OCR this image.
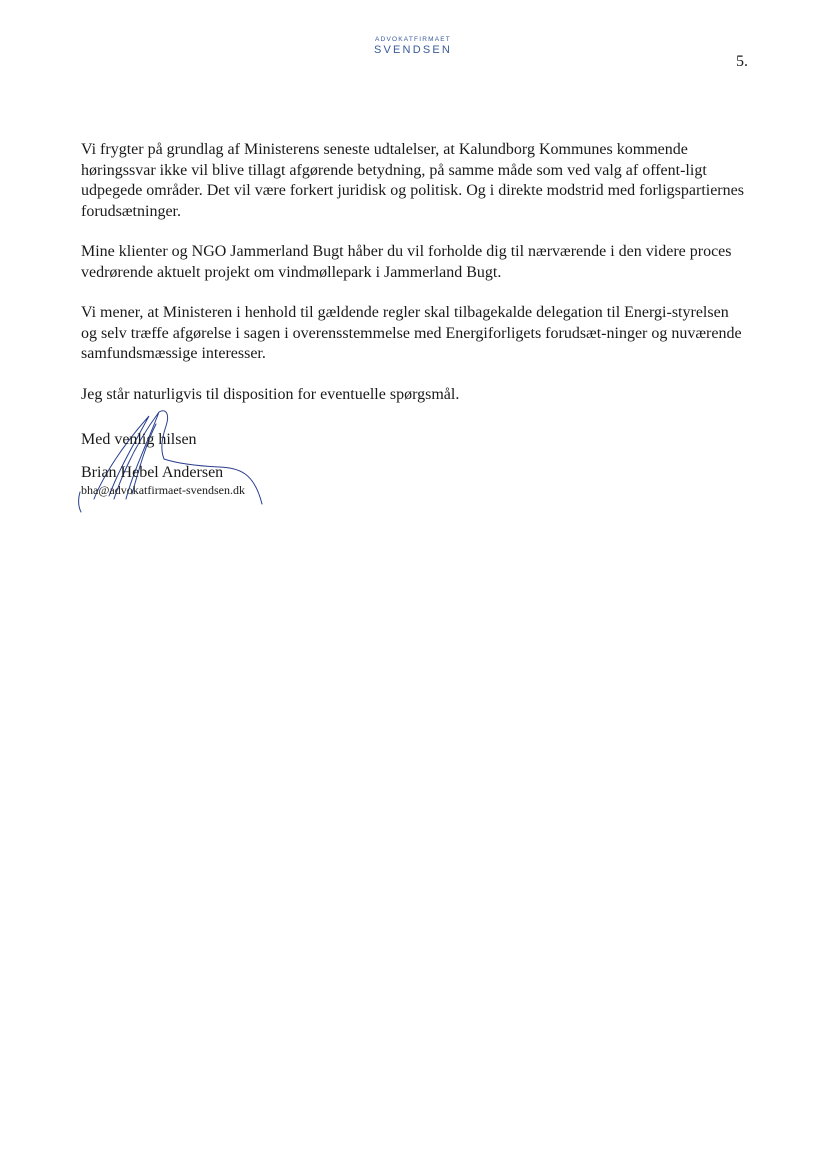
ADVOKATFIRMAET
SVENDSEN
5.

Vi frygter på grundlag af Ministerens seneste udtalelser, at Kalundborg Kommunes kommende høringssvar ikke vil blive tillagt afgørende betydning, på samme måde som ved valg af offent-ligt udpegede områder. Det vil være forkert juridisk og politisk. Og i direkte modstrid med forligspartiernes forudsætninger.

Mine klienter og NGO Jammerland Bugt håber du vil forholde dig til nærværende i den videre proces vedrørende aktuelt projekt om vindmøllepark i Jammerland Bugt.

Vi mener, at Ministeren i henhold til gældende regler skal tilbagekalde delegation til Energi-styrelsen og selv træffe afgørelse i sagen i overensstemmelse med Energiforligets forudsæt-ninger og nuværende samfundsmæssige interesser.

Jeg står naturligvis til disposition for eventuelle spørgsmål.

Med venlig hilsen
Brian Hebel Andersen
bha@advokatfirmaet-svendsen.dk
